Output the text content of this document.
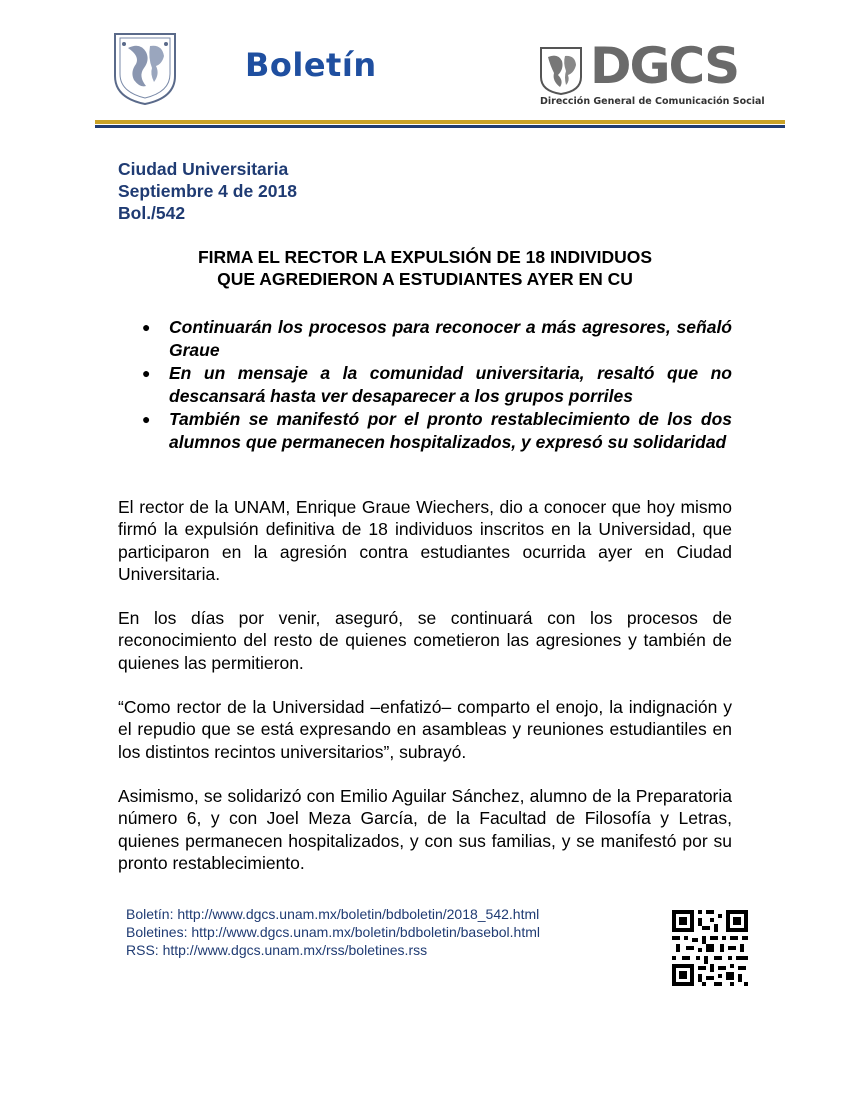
Boletín	DGCS
Dirección General de Comunicación Social
Ciudad Universitaria
Septiembre 4 de 2018
Bol./542
FIRMA EL RECTOR LA EXPULSIÓN DE 18 INDIVIDUOS
QUE AGREDIERON A ESTUDIANTES AYER EN CU
● Continuarán los procesos para reconocer a más agresores, señaló Graue
● En un mensaje a la comunidad universitaria, resaltó que no descansará hasta ver desaparecer a los grupos porriles
● También se manifestó por el pronto restablecimiento de los dos alumnos que permanecen hospitalizados, y expresó su solidaridad

El rector de la UNAM, Enrique Graue Wiechers, dio a conocer que hoy mismo firmó la expulsión definitiva de 18 individuos inscritos en la Universidad, que participaron en la agresión contra estudiantes ocurrida ayer en Ciudad Universitaria.

En los días por venir, aseguró, se continuará con los procesos de reconocimiento del resto de quienes cometieron las agresiones y también de quienes las permitieron.

“Como rector de la Universidad –enfatizó– comparto el enojo, la indignación y el repudio que se está expresando en asambleas y reuniones estudiantiles en los distintos recintos universitarios”, subrayó.

Asimismo, se solidarizó con Emilio Aguilar Sánchez, alumno de la Preparatoria número 6, y con Joel Meza García, de la Facultad de Filosofía y Letras, quienes permanecen hospitalizados, y con sus familias, y se manifestó por su pronto restablecimiento.

Boletín: http://www.dgcs.unam.mx/boletin/bdboletin/2018_542.html
Boletines: http://www.dgcs.unam.mx/boletin/bdboletin/basebol.html
RSS: http://www.dgcs.unam.mx/rss/boletines.rss
